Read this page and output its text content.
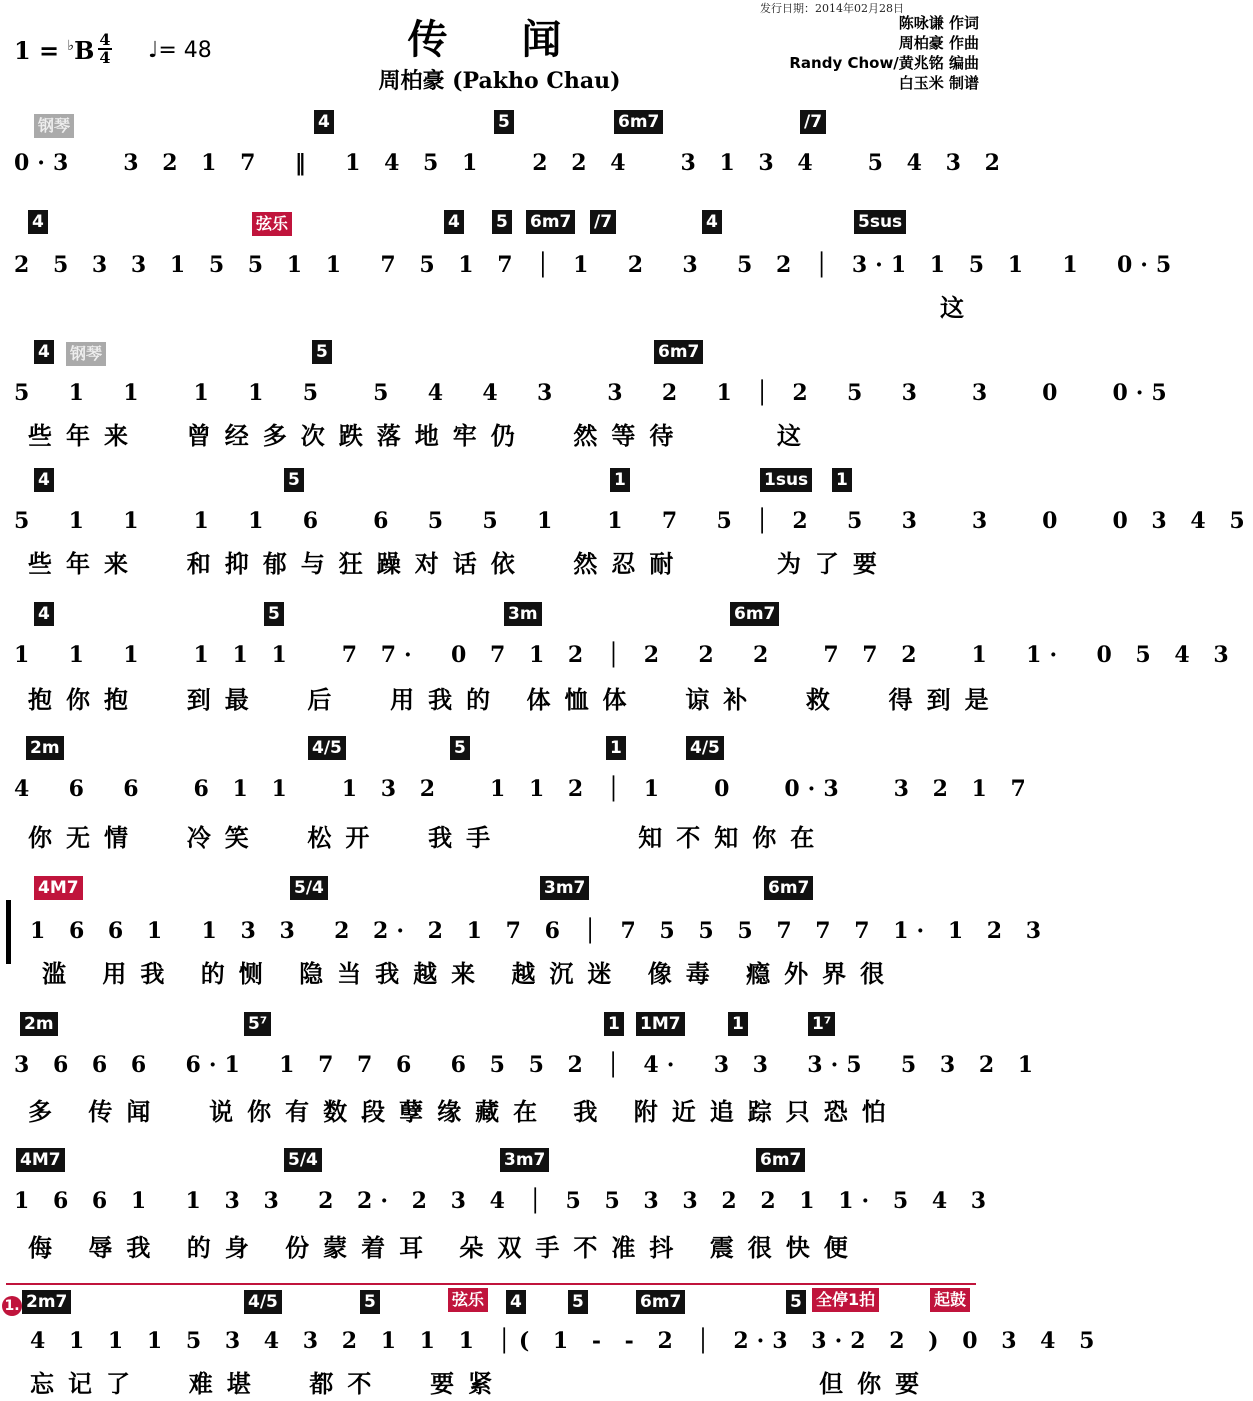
传 闻
周柏豪 (Pakho Chau)
1 = ♭B 4
4 ♩= 48
发行日期：2014年02月28日
陈咏谦 作词
周柏豪 作曲
Randy Chow/黄兆铭 编曲
白玉米 制谱
钢琴	4	5	6m7	/7
0·3   3 2 1 7  ‖  1 4 5 1   2 2 4   3 1 3 4   5 4 3 2
4	弦乐	4 5 6m7 /7	4	5sus
2 5 3 3 1 5 5 1 1  7 5 1 7 │ 1  2  3  5 2 │ 3·1 1 5 1  1  0·5
这
4 钢琴	5	6m7
5  1  1   1  1  5   5  4  4  3   3  2  1 │ 2  5  3   3   0   0·5
些年来  曾经多次跌落地牢仍  然等待    这
4	5	1	1sus 1
5  1  1   1  1  6   6  5  5  1   1  7  5 │ 2  5  3   3   0   0 3 4 5
些年来  和抑郁与狂躁对话依  然忍耐    为了要
4	5	3m	6m7
1  1  1   1 1 1   7 7·  0 7 1 2 │ 2  2  2   7 7 2   1  1·  0 5 4 3
抱你抱  到最  后  用我的 体恤体  谅补  救  得到是
2m	4/5	5	1	4/5
4  6  6   6 1 1   1 3 2   1 1 2 │ 1   0   0·3   3 2 1 7
你无情  冷笑  松开  我手      知不知你在
4M7	5/4	3m7	6m7
1 6 6 1  1 3 3  2 2· 2 1 7 6 │ 7 5 5 5 7 7 7 1· 1 2 3
滥 用我 的恻 隐当我越来 越沉迷 像毒 瘾外界很
2m	5⁷	1 1M7	1	1⁷
3 6 6 6  6·1  1 7 7 6  6 5 5 2 │ 4·  3 3  3·5  5 3 2 1
多 传闻  说你有数段孽缘藏在 我 附近追踪只恐怕
4M7	5/4	3m7	6m7
1 6 6 1  1 3 3  2 2· 2 3 4 │ 5 5 3 3 2 2 1 1· 5 4 3
侮 辱我 的身 份蒙着耳 朵双手不准抖 震很快便
1. 2m7	4/5	5	弦乐 4	5	6m7	5 全停1拍	起鼓
4 1 1 1 5 3 4 3 2 1 1 1 │( 1 - - 2 │ 2·3 3·2 2 ) 0 3 4 5
忘记了  难堪  都不  要紧              但你要
